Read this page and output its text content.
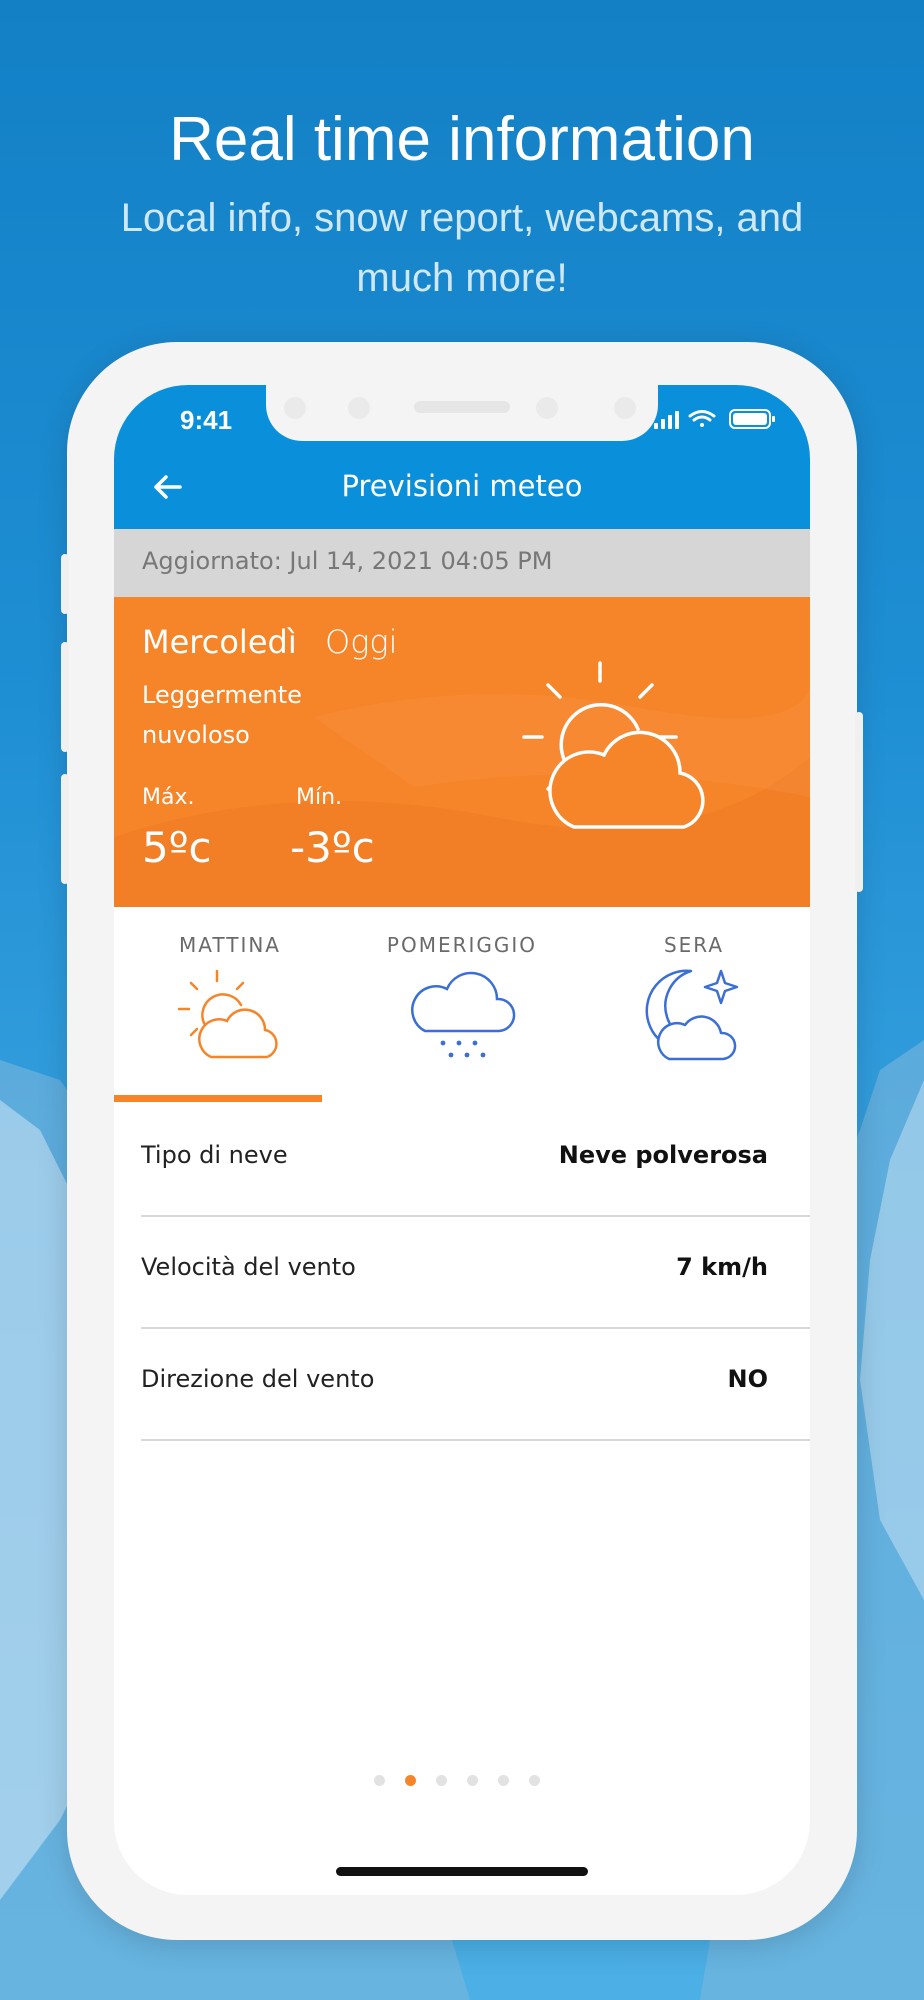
Real time information
Local info, snow report, webcams, and much more!
9:41
Previsioni meteo
Aggiornato: Jul 14, 2021 04:05 PM
Mercoledì Oggi
Leggermente nuvoloso
Máx.	Mín.
5ºc -3ºc
MATTINA	POMERIGGIO	SERA
Tipo di neve	Neve polverosa
Velocità del vento	7 km/h
Direzione del vento	NO
